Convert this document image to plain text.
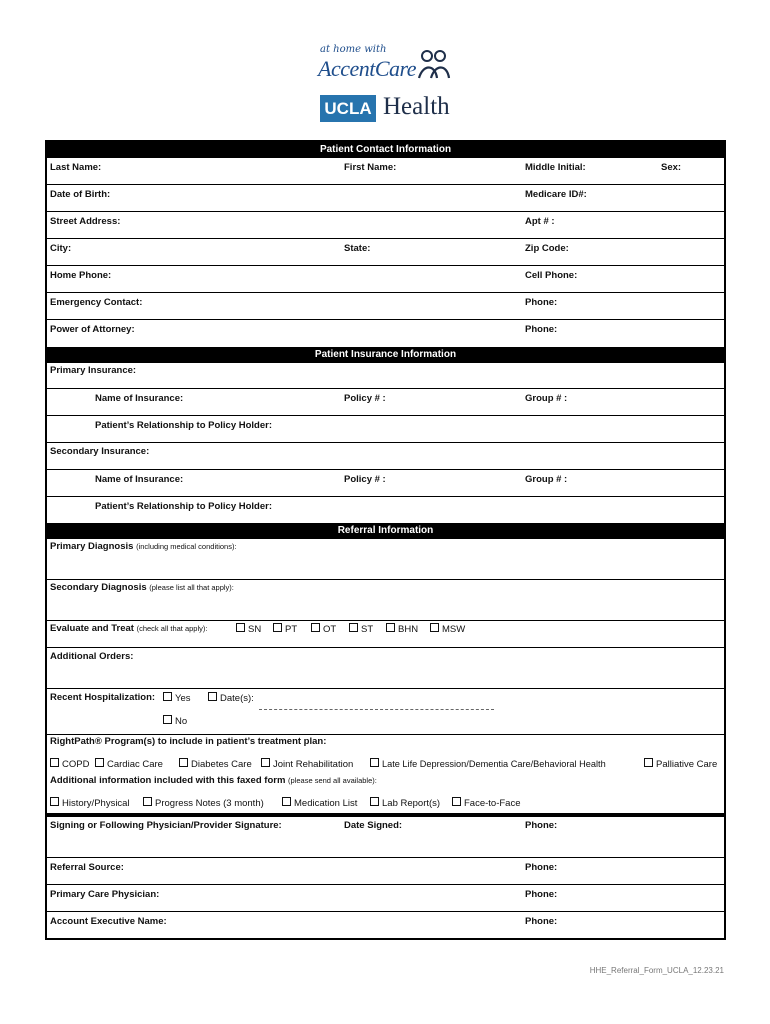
at home with
AccentCare
UCLA Health
Patient Contact Information
Last Name:	First Name:	Middle Initial:	Sex:
Date of Birth:	Medicare ID#:
Street Address:	Apt # :
City:	State:	Zip Code:
Home Phone:	Cell Phone:
Emergency Contact:	Phone:
Power of Attorney:	Phone:
Patient Insurance Information
Primary Insurance:
Name of Insurance:	Policy # :	Group # :
Patient’s Relationship to Policy Holder:
Secondary Insurance:
Name of Insurance:	Policy # :	Group # :
Patient’s Relationship to Policy Holder:
Referral Information
Primary Diagnosis (including medical conditions):
Secondary Diagnosis (please list all that apply):
Evaluate and Treat (check all that apply):	SN	PT	OT	ST	BHN	MSW
Additional Orders:
Recent Hospitalization:	Yes	Date(s):
No
RightPath® Program(s) to include in patient’s treatment plan:
COPD	Cardiac Care	Diabetes Care	Joint Rehabilitation	Late Life Depression/Dementia Care/Behavioral Health	Palliative Care
Additional information included with this faxed form (please send all available):
History/Physical	Progress Notes (3 month)	Medication List	Lab Report(s)	Face-to-Face
Signing or Following Physician/Provider Signature:	Date Signed:	Phone:
Referral Source:	Phone:
Primary Care Physician:	Phone:
Account Executive Name:	Phone:
HHE_Referral_Form_UCLA_12.23.21
